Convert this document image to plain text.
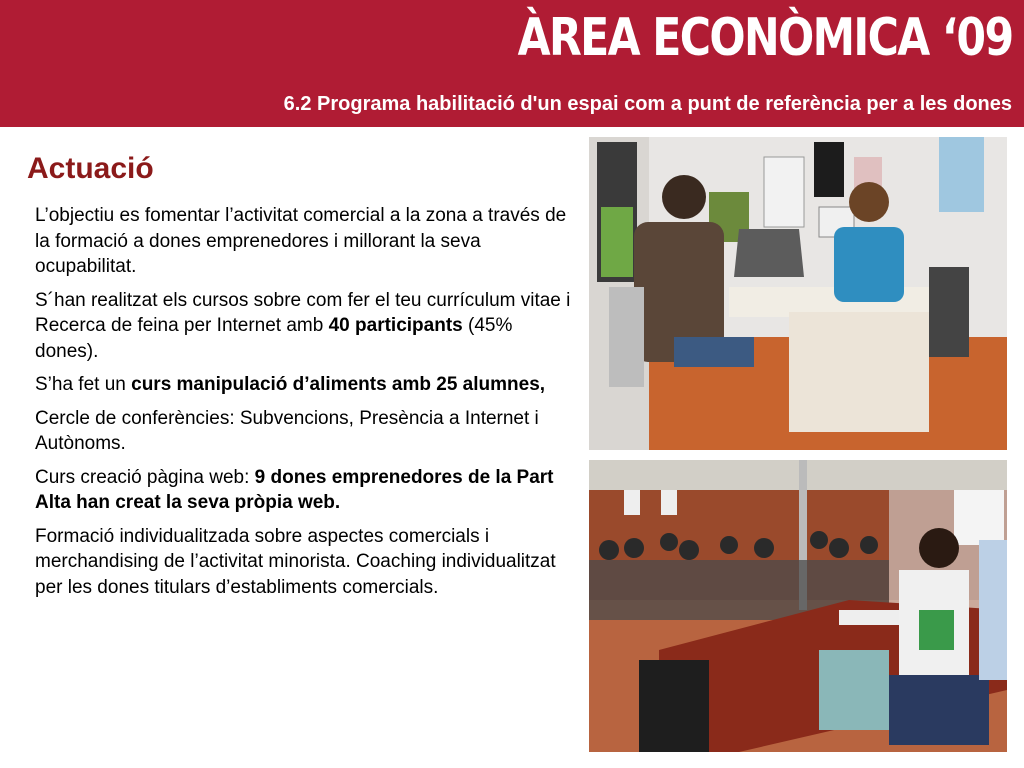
ÀREA ECONÒMICA ‘09
6.2 Programa habilitació d'un espai com a punt de referència per a les dones
Actuació

L’objectiu es fomentar l’activitat comercial a la zona a través de la formació a dones emprenedores i millorant la seva ocupabilitat.

S´han realitzat els cursos sobre com fer el teu currículum vitae i Recerca de feina per Internet amb 40 participants (45% dones).

S’ha fet un curs manipulació d’aliments amb 25 alumnes,

Cercle de conferències: Subvencions, Presència a Internet i Autònoms.

Curs creació pàgina web: 9 dones emprenedores de la Part Alta han creat la seva pròpia web.

Formació individualitzada sobre aspectes comercials i merchandising de l’activitat minorista. Coaching individualitzat per les dones titulars d’establiments comercials.
